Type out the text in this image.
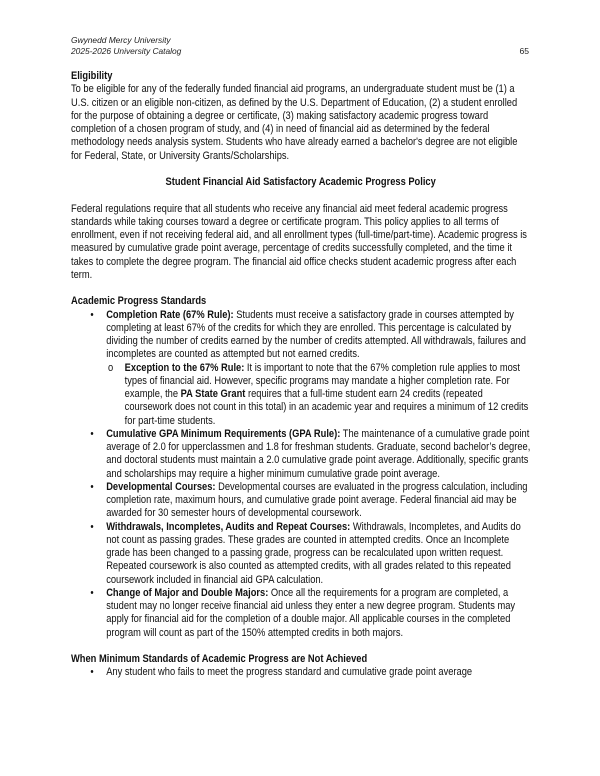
Gwynedd Mercy University
2025-2026 University Catalog	65
Eligibility

To be eligible for any of the federally funded financial aid programs, an undergraduate student must be (1) a U.S. citizen or an eligible non-citizen, as defined by the U.S. Department of Education, (2) a student enrolled for the purpose of obtaining a degree or certificate, (3) making satisfactory academic progress toward completion of a chosen program of study, and (4) in need of financial aid as determined by the federal methodology needs analysis system. Students who have already earned a bachelor's degree are not eligible for Federal, State, or University Grants/Scholarships.

Student Financial Aid Satisfactory Academic Progress Policy

Federal regulations require that all students who receive any financial aid meet federal academic progress standards while taking courses toward a degree or certificate program. This policy applies to all terms of enrollment, even if not receiving federal aid, and all enrollment types (full-time/part-time). Academic progress is measured by cumulative grade point average, percentage of credits successfully completed, and the time it takes to complete the degree program. The financial aid office checks student academic progress after each term.

Academic Progress Standards
• Completion Rate (67% Rule): Students must receive a satisfactory grade in courses attempted by completing at least 67% of the credits for which they are enrolled. This percentage is calculated by dividing the number of credits earned by the number of credits attempted. All withdrawals, failures and incompletes are counted as attempted but not earned credits.
o Exception to the 67% Rule: It is important to note that the 67% completion rule applies to most types of financial aid. However, specific programs may mandate a higher completion rate. For example, the PA State Grant requires that a full-time student earn 24 credits (repeated coursework does not count in this total) in an academic year and requires a minimum of 12 credits for part-time students.
• Cumulative GPA Minimum Requirements (GPA Rule): The maintenance of a cumulative grade point average of 2.0 for upperclassmen and 1.8 for freshman students. Graduate, second bachelor’s degree, and doctoral students must maintain a 2.0 cumulative grade point average. Additionally, specific grants and scholarships may require a higher minimum cumulative grade point average.
• Developmental Courses: Developmental courses are evaluated in the progress calculation, including completion rate, maximum hours, and cumulative grade point average. Federal financial aid may be awarded for 30 semester hours of developmental coursework.
• Withdrawals, Incompletes, Audits and Repeat Courses: Withdrawals, Incompletes, and Audits do not count as passing grades. These grades are counted in attempted credits. Once an Incomplete grade has been changed to a passing grade, progress can be recalculated upon written request. Repeated coursework is also counted as attempted credits, with all grades related to this repeated coursework included in financial aid GPA calculation.
• Change of Major and Double Majors: Once all the requirements for a program are completed, a student may no longer receive financial aid unless they enter a new degree program. Students may apply for financial aid for the completion of a double major. All applicable courses in the completed program will count as part of the 150% attempted credits in both majors.
When Minimum Standards of Academic Progress are Not Achieved
• Any student who fails to meet the progress standard and cumulative grade point average
